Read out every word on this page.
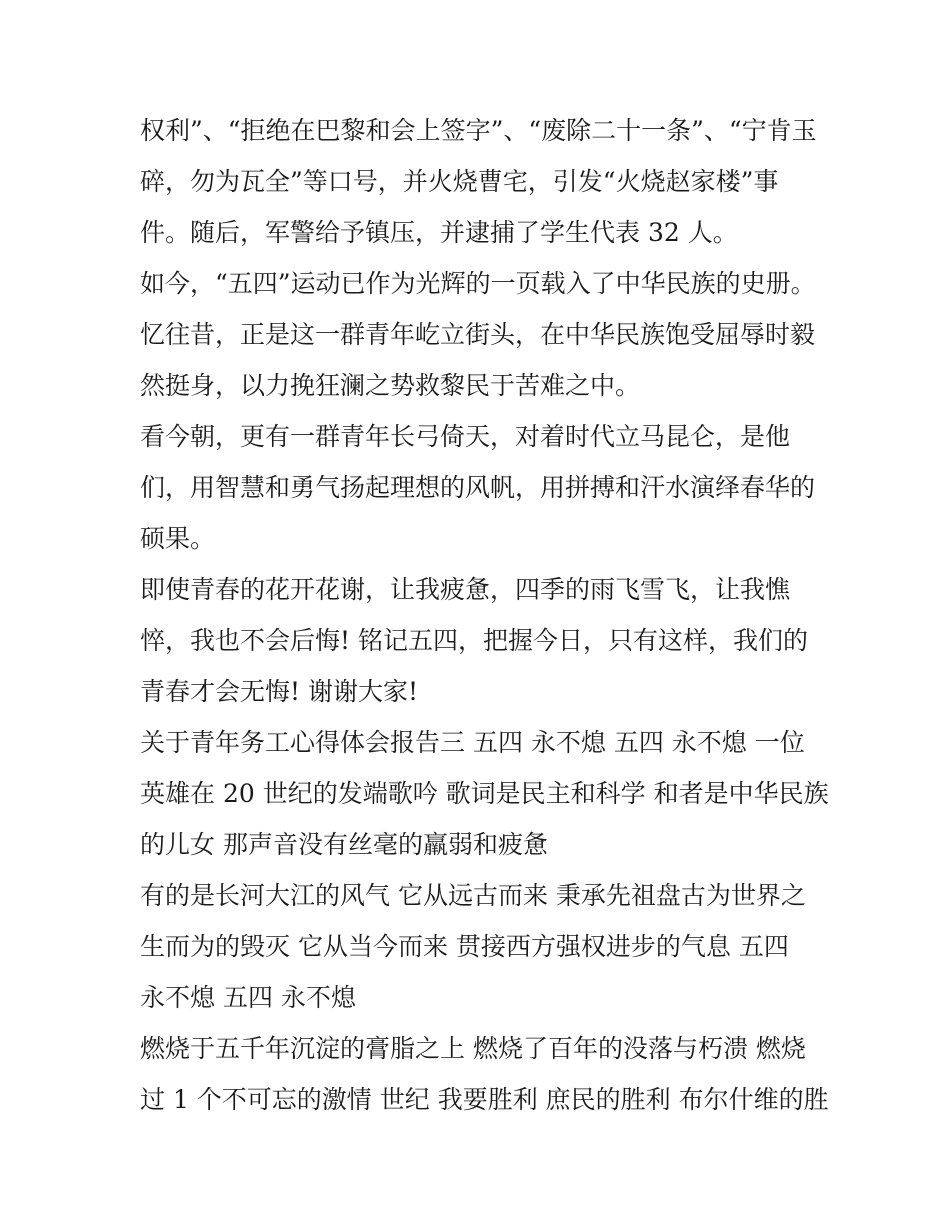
权利”、“拒绝在巴黎和会上签字”、“废除二十一条”、“宁肯玉
碎，勿为瓦全”等口号，并火烧曹宅，引发“火烧赵家楼”事
件。随后，军警给予镇压，并逮捕了学生代表 32 人。
如今，“五四”运动已作为光辉的一页载入了中华民族的史册。
忆往昔，正是这一群青年屹立街头，在中华民族饱受屈辱时毅
然挺身，以力挽狂澜之势救黎民于苦难之中。
看今朝，更有一群青年长弓倚天，对着时代立马昆仑，是他
们，用智慧和勇气扬起理想的风帆，用拼搏和汗水演绎春华的
硕果。
即使青春的花开花谢，让我疲惫，四季的雨飞雪飞，让我憔
悴，我也不会后悔! 铭记五四，把握今日，只有这样，我们的
青春才会无悔! 谢谢大家!
关于青年务工心得体会报告三 五四 永不熄 五四 永不熄 一位
英雄在 20 世纪的发端歌吟 歌词是民主和科学 和者是中华民族
的儿女 那声音没有丝毫的羸弱和疲惫
有的是长河大江的风气 它从远古而来 秉承先祖盘古为世界之
生而为的毁灭 它从当今而来 贯接西方强权进步的气息 五四
永不熄 五四 永不熄
燃烧于五千年沉淀的膏脂之上 燃烧了百年的没落与朽溃 燃烧
过 1 个不可忘的激情 世纪 我要胜利 庶民的胜利 布尔什维的胜
